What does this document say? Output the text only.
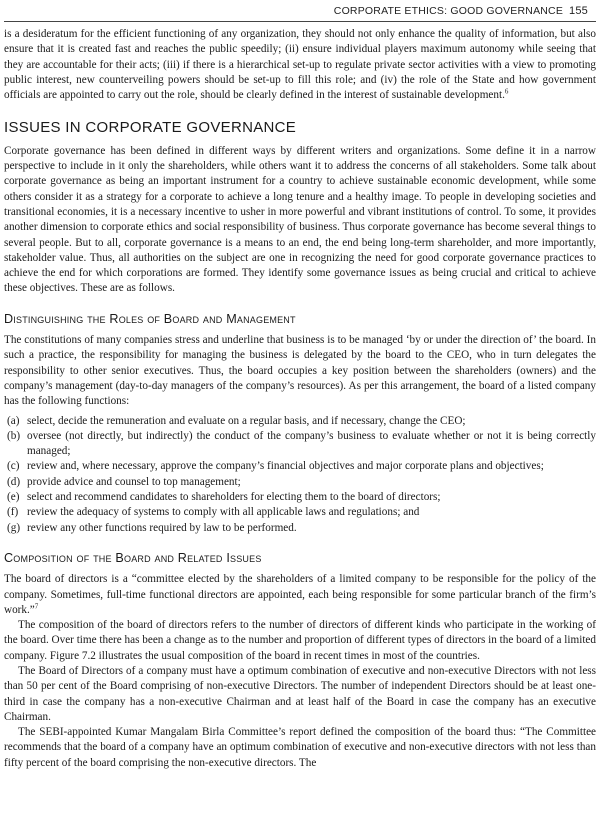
CORPORATE ETHICS: GOOD GOVERNANCE 155

is a desideratum for the efficient functioning of any organization, they should not only enhance the quality of information, but also ensure that it is created fast and reaches the public speedily; (ii) ensure individual players maximum autonomy while seeing that they are accountable for their acts; (iii) if there is a hierarchical set-up to regulate private sector activities with a view to promoting public interest, new counterveiling powers should be set-up to fill this role; and (iv) the role of the State and how government officials are appointed to carry out the role, should be clearly defined in the interest of sustainable development.$^6$

ISSUES IN CORPORATE GOVERNANCE

Corporate governance has been defined in different ways by different writers and organizations. Some define it in a narrow perspective to include in it only the shareholders, while others want it to address the concerns of all stakeholders. Some talk about corporate governance as being an important instrument for a country to achieve sustainable economic development, while some others consider it as a strategy for a corporate to achieve a long tenure and a healthy image. To people in developing societies and transitional economies, it is a necessary incentive to usher in more powerful and vibrant institutions of control. To some, it provides another dimension to corporate ethics and social responsibility of business. Thus corporate governance has become several things to several people. But to all, corporate governance is a means to an end, the end being long-term shareholder, and more importantly, stakeholder value. Thus, all authorities on the subject are one in recognizing the need for good corporate governance practices to achieve the end for which corporations are formed. They identify some governance issues as being crucial and critical to achieve these objectives. These are as follows.

Distinguishing the Roles of Board and Management

The constitutions of many companies stress and underline that business is to be managed ‘by or under the direction of’ the board. In such a practice, the responsibility for managing the business is delegated by the board to the CEO, who in turn delegates the responsibility to other senior executives. Thus, the board occupies a key position between the shareholders (owners) and the company’s management (day-to-day managers of the company’s resources). As per this arrangement, the board of a listed company has the following functions:

(a) select, decide the remuneration and evaluate on a regular basis, and if necessary, change the CEO;
(b) oversee (not directly, but indirectly) the conduct of the company’s business to evaluate whether or not it is being correctly managed;
(c) review and, where necessary, approve the company’s financial objectives and major corporate plans and objectives;
(d) provide advice and counsel to top management;
(e) select and recommend candidates to shareholders for electing them to the board of directors;
(f) review the adequacy of systems to comply with all applicable laws and regulations; and
(g) review any other functions required by law to be performed.
Composition of the Board and Related Issues

The board of directors is a “committee elected by the shareholders of a limited company to be responsible for the policy of the company. Sometimes, full-time functional directors are appointed, each being responsible for some particular branch of the firm’s work.”$^7$

The composition of the board of directors refers to the number of directors of different kinds who participate in the working of the board. Over time there has been a change as to the number and proportion of different types of directors in the board of a limited company. Figure 7.2 illustrates the usual composition of the board in recent times in most of the countries.

The Board of Directors of a company must have a optimum combination of executive and non-executive Directors with not less than 50 per cent of the Board comprising of non-executive Directors. The number of independent Directors should be at least one-third in case the company has a non-executive Chairman and at least half of the Board in case the company has an executive Chairman.

The SEBI-appointed Kumar Mangalam Birla Committee’s report defined the composition of the board thus: “The Committee recommends that the board of a company have an optimum combination of executive and non-executive directors with not less than fifty percent of the board comprising the non-executive directors. The
